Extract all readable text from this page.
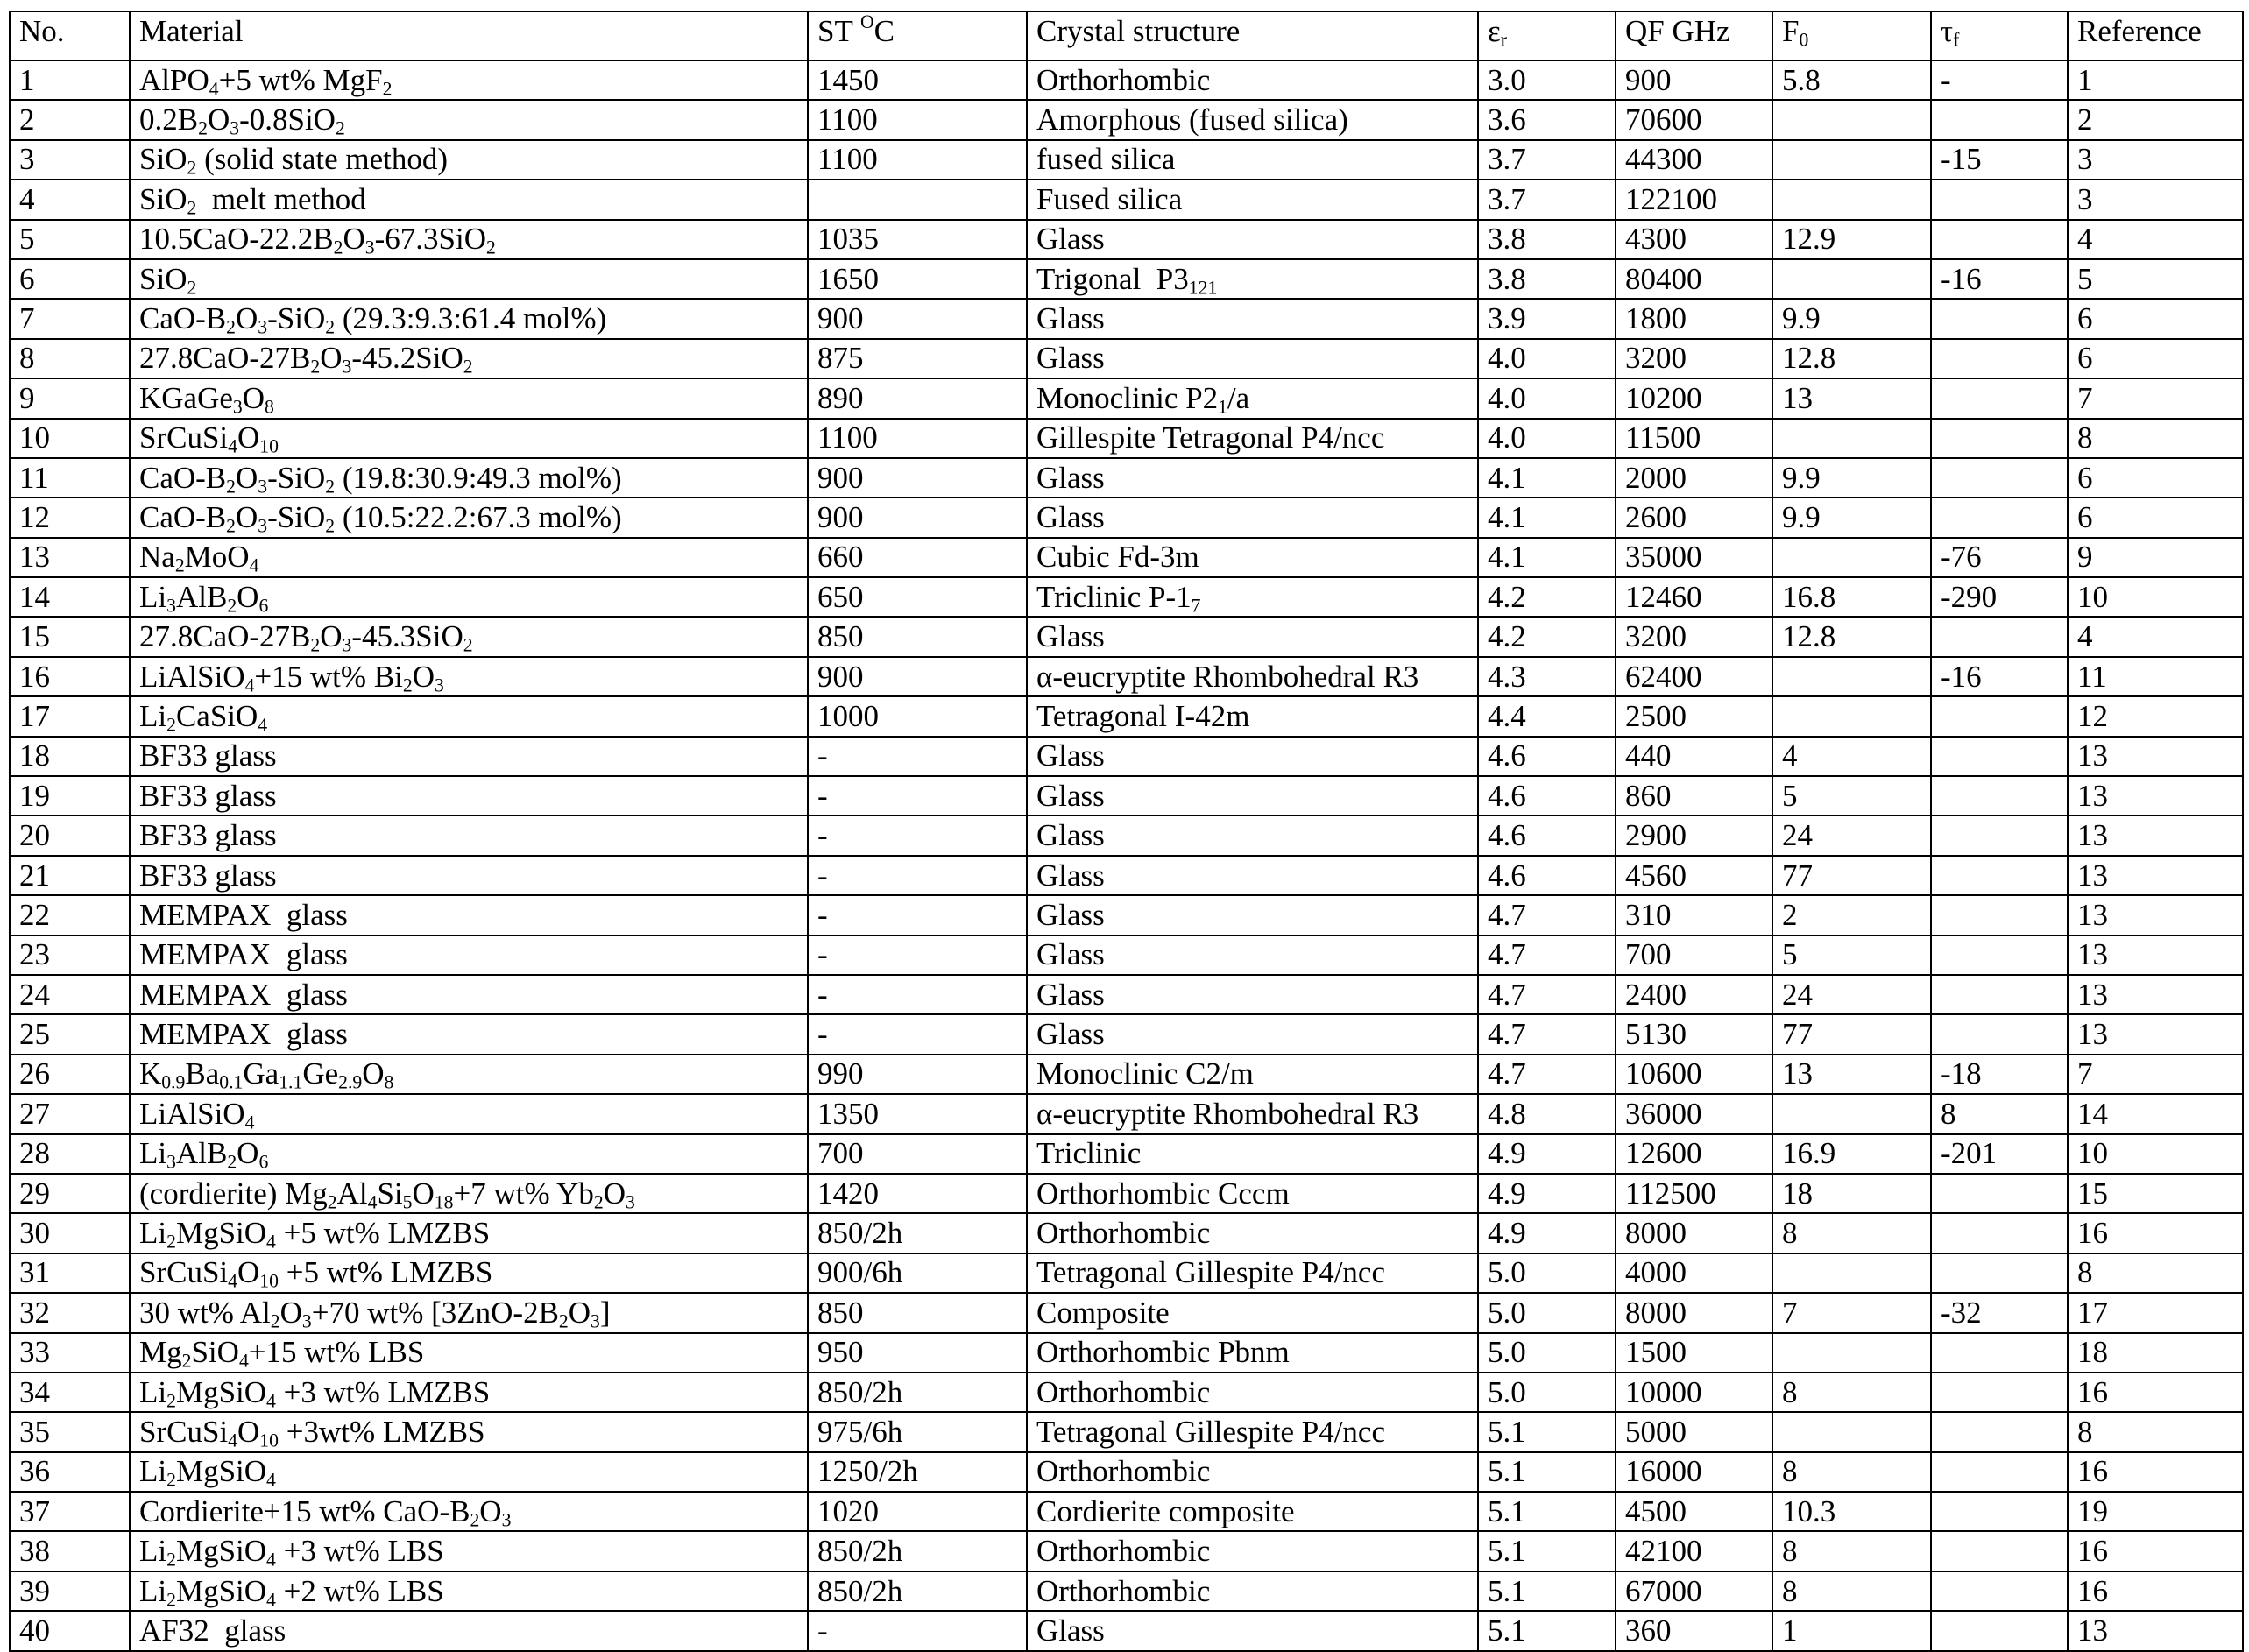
No.	Material	ST $^O$C	Crystal structure	$\varepsilon_r$	QF GHz	$F_0$	$\tau_f$	Reference
1	AlPO$_4$+5 wt% MgF$_2$	1450	Orthorhombic	3.0	900	5.8	-	1
2	$0.2B_2O_3-0.8SiO_2$	1100	Amorphous (fused silica)	3.6	70600			2
3	SiO$_2$ (solid state method)	1100	fused silica	3.7	44300		-15	3
4	SiO$_2$  melt method		Fused silica	3.7	122100			3
5	$10.5CaO-22.2B_2O_3-67.3SiO_2$	1035	Glass	3.8	4300	12.9		4
6	SiO$_2$	1650	Trigonal  $P3_{121}$	3.8	80400		-16	5
7	CaO-$B_2O_3-SiO_2$ (29.3:9.3:61.4 mol%)	900	Glass	3.9	1800	9.9		6
8	$27.8CaO-27B_2O_3-45.2SiO_2$	875	Glass	4.0	3200	12.8		6
9	$KGaGe_3O_8$	890	Monoclinic $P2_1/a$	4.0	10200	13		7
10	$SrCuSi_4O_{10}$	1100	Gillespite Tetragonal P4/ncc	4.0	11500			8
11	CaO-$B_2O_3-SiO_2$ (19.8:30.9:49.3 mol%)	900	Glass	4.1	2000	9.9		6
12	CaO-$B_2O_3-SiO_2$ (10.5:22.2:67.3 mol%)	900	Glass	4.1	2600	9.9		6
13	$Na_2MoO_4$	660	Cubic Fd-3m	4.1	35000		-76	9
14	$Li_3AlB_2O_6$	650	Triclinic $P-1_7$	4.2	12460	16.8	-290	10
15	$27.8CaO-27B_2O_3-45.3SiO_2$	850	Glass	4.2	3200	12.8		4
16	LiAlSiO$_4$+15 wt% $Bi_2O_3$	900	α-eucryptite Rhombohedral R3	4.3	62400		-16	11
17	$Li_2CaSiO_4$	1000	Tetragonal I-42m	4.4	2500			12
18	BF33 glass	-	Glass	4.6	440	4		13
19	BF33 glass	-	Glass	4.6	860	5		13
20	BF33 glass	-	Glass	4.6	2900	24		13
21	BF33 glass	-	Glass	4.6	4560	77		13
22	MEMPAX  glass	-	Glass	4.7	310	2		13
23	MEMPAX  glass	-	Glass	4.7	700	5		13
24	MEMPAX  glass	-	Glass	4.7	2400	24		13
25	MEMPAX  glass	-	Glass	4.7	5130	77		13
26	$K_{0.9}Ba_{0.1}Ga_{1.1}Ge_{2.9}O_8$	990	Monoclinic C2/m	4.7	10600	13	-18	7
27	LiAlSiO$_4$	1350	α-eucryptite Rhombohedral R3	4.8	36000		8	14
28	$Li_3AlB_2O_6$	700	Triclinic	4.9	12600	16.9	-201	10
29	(cordierite) $Mg_2Al_4Si_5O_{18}+7$ wt% $Yb_2O_3$	1420	Orthorhombic Cccm	4.9	112500	18		15
30	$Li_2MgSiO_4 +5$ wt% LMZBS	850/2h	Orthorhombic	4.9	8000	8		16
31	$SrCuSi_4O_{10} +5$ wt% LMZBS	900/6h	Tetragonal Gillespite P4/ncc	5.0	4000			8
32	30 wt% $Al_2O_3+70$ wt% $[3ZnO-2B_2O_3]$	850	Composite	5.0	8000	7	-32	17
33	$Mg_2SiO_4+15$ wt% LBS	950	Orthorhombic Pbnm	5.0	1500			18
34	$Li_2MgSiO_4 +3$ wt% LMZBS	850/2h	Orthorhombic	5.0	10000	8		16
35	$SrCuSi_4O_{10} +3wt\%$ LMZBS	975/6h	Tetragonal Gillespite P4/ncc	5.1	5000			8
36	$Li_2MgSiO_4$	1250/2h	Orthorhombic	5.1	16000	8		16
37	Cordierite+15 wt% CaO-$B_2O_3$	1020	Cordierite composite	5.1	4500	10.3		19
38	$Li_2MgSiO_4 +3$ wt% LBS	850/2h	Orthorhombic	5.1	42100	8		16
39	$Li_2MgSiO_4 +2$ wt% LBS	850/2h	Orthorhombic	5.1	67000	8		16
40	AF32  glass	-	Glass	5.1	360	1		13
